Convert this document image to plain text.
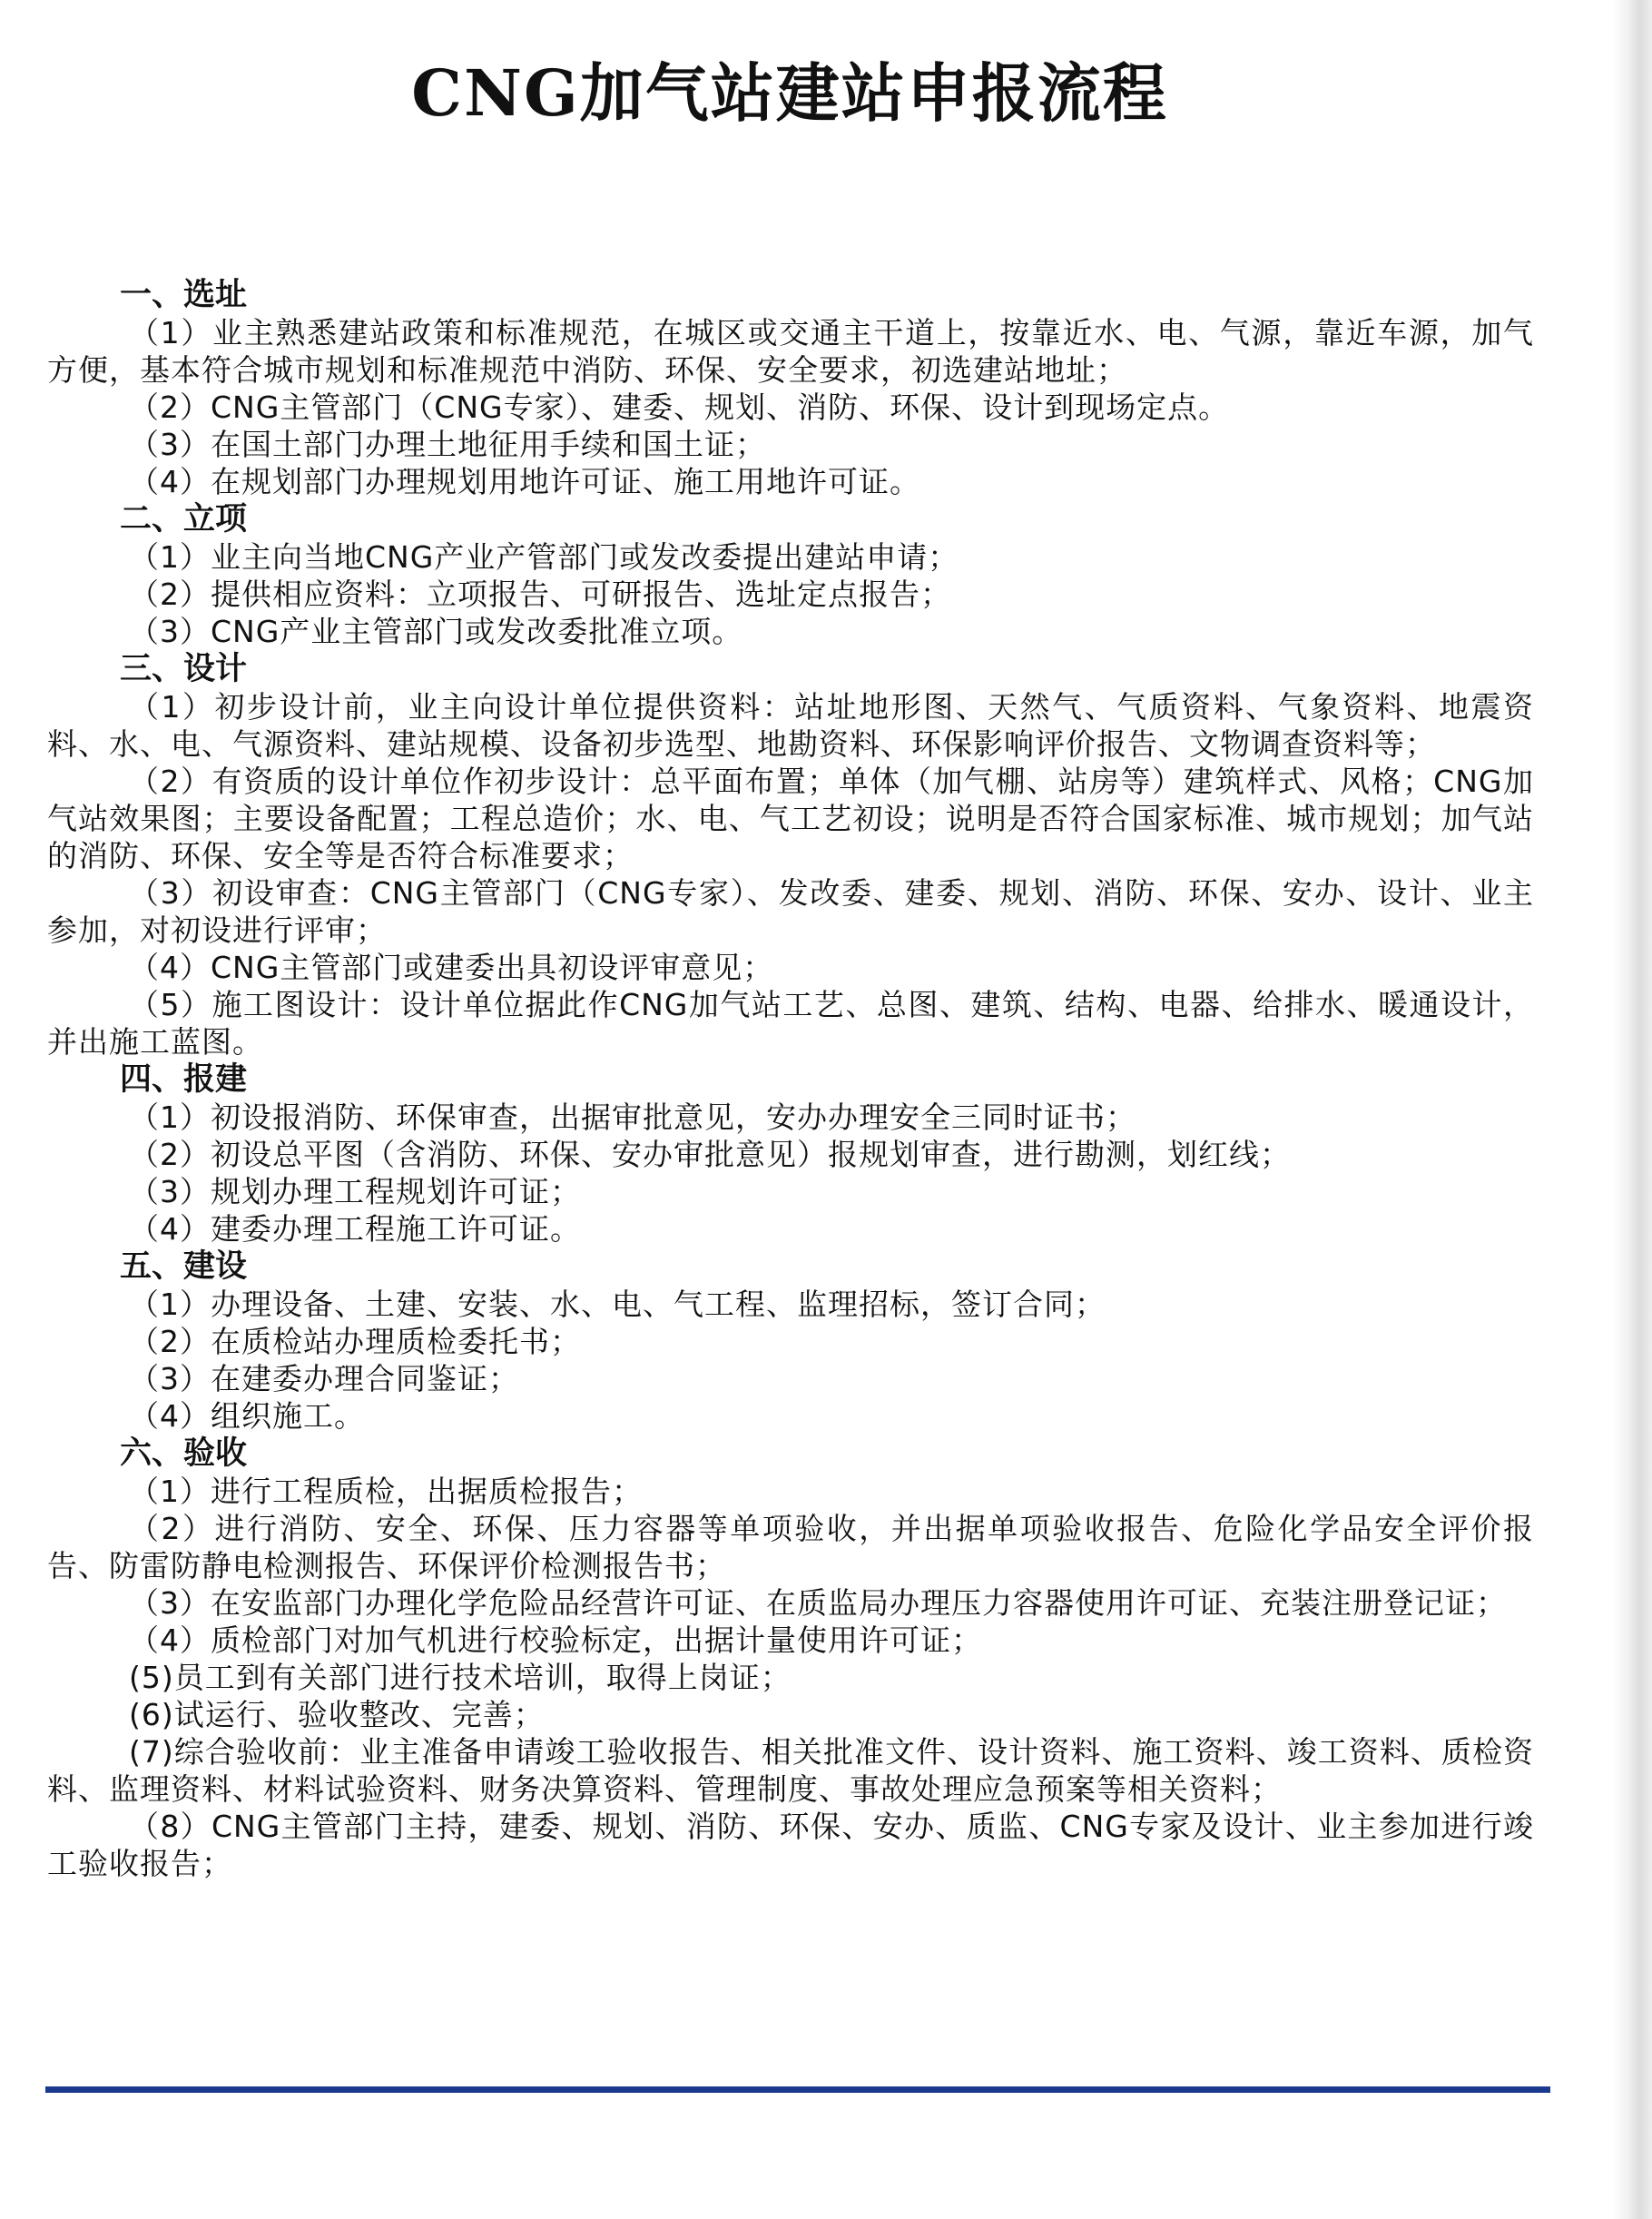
CNG加气站建站申报流程

一、选址

（1）业主熟悉建站政策和标准规范，在城区或交通主干道上，按靠近水、电、气源，靠近车源，加气方便，基本符合城市规划和标准规范中消防、环保、安全要求，初选建站地址；

（2）CNG主管部门（CNG专家）、建委、规划、消防、环保、设计到现场定点。

（3）在国土部门办理土地征用手续和国土证；

（4）在规划部门办理规划用地许可证、施工用地许可证。

二、立项

（1）业主向当地CNG产业产管部门或发改委提出建站申请；

（2）提供相应资料：立项报告、可研报告、选址定点报告；

（3）CNG产业主管部门或发改委批准立项。

三、设计

（1）初步设计前，业主向设计单位提供资料：站址地形图、天然气、气质资料、气象资料、地震资料、水、电、气源资料、建站规模、设备初步选型、地勘资料、环保影响评价报告、文物调查资料等；

（2）有资质的设计单位作初步设计：总平面布置；单体（加气棚、站房等）建筑样式、风格；CNG加气站效果图；主要设备配置；工程总造价；水、电、气工艺初设；说明是否符合国家标准、城市规划；加气站的消防、环保、安全等是否符合标准要求；

（3）初设审查：CNG主管部门（CNG专家）、发改委、建委、规划、消防、环保、安办、设计、业主参加，对初设进行评审；

（4）CNG主管部门或建委出具初设评审意见；

（5）施工图设计：设计单位据此作CNG加气站工艺、总图、建筑、结构、电器、给排水、暖通设计，并出施工蓝图。

四、报建

（1）初设报消防、环保审查，出据审批意见，安办办理安全三同时证书；

（2）初设总平图（含消防、环保、安办审批意见）报规划审查，进行勘测，划红线；

（3）规划办理工程规划许可证；

（4）建委办理工程施工许可证。

五、建设

（1）办理设备、土建、安装、水、电、气工程、监理招标，签订合同；

（2）在质检站办理质检委托书；

（3）在建委办理合同鉴证；

（4）组织施工。

六、验收

（1）进行工程质检，出据质检报告；

（2）进行消防、安全、环保、压力容器等单项验收，并出据单项验收报告、危险化学品安全评价报告、防雷防静电检测报告、环保评价检测报告书；

（3）在安监部门办理化学危险品经营许可证、在质监局办理压力容器使用许可证、充装注册登记证；

（4）质检部门对加气机进行校验标定，出据计量使用许可证；

(5)员工到有关部门进行技术培训，取得上岗证；

(6)试运行、验收整改、完善；

(7)综合验收前：业主准备申请竣工验收报告、相关批准文件、设计资料、施工资料、竣工资料、质检资料、监理资料、材料试验资料、财务决算资料、管理制度、事故处理应急预案等相关资料；

（8）CNG主管部门主持，建委、规划、消防、环保、安办、质监、CNG专家及设计、业主参加进行竣工验收报告；
